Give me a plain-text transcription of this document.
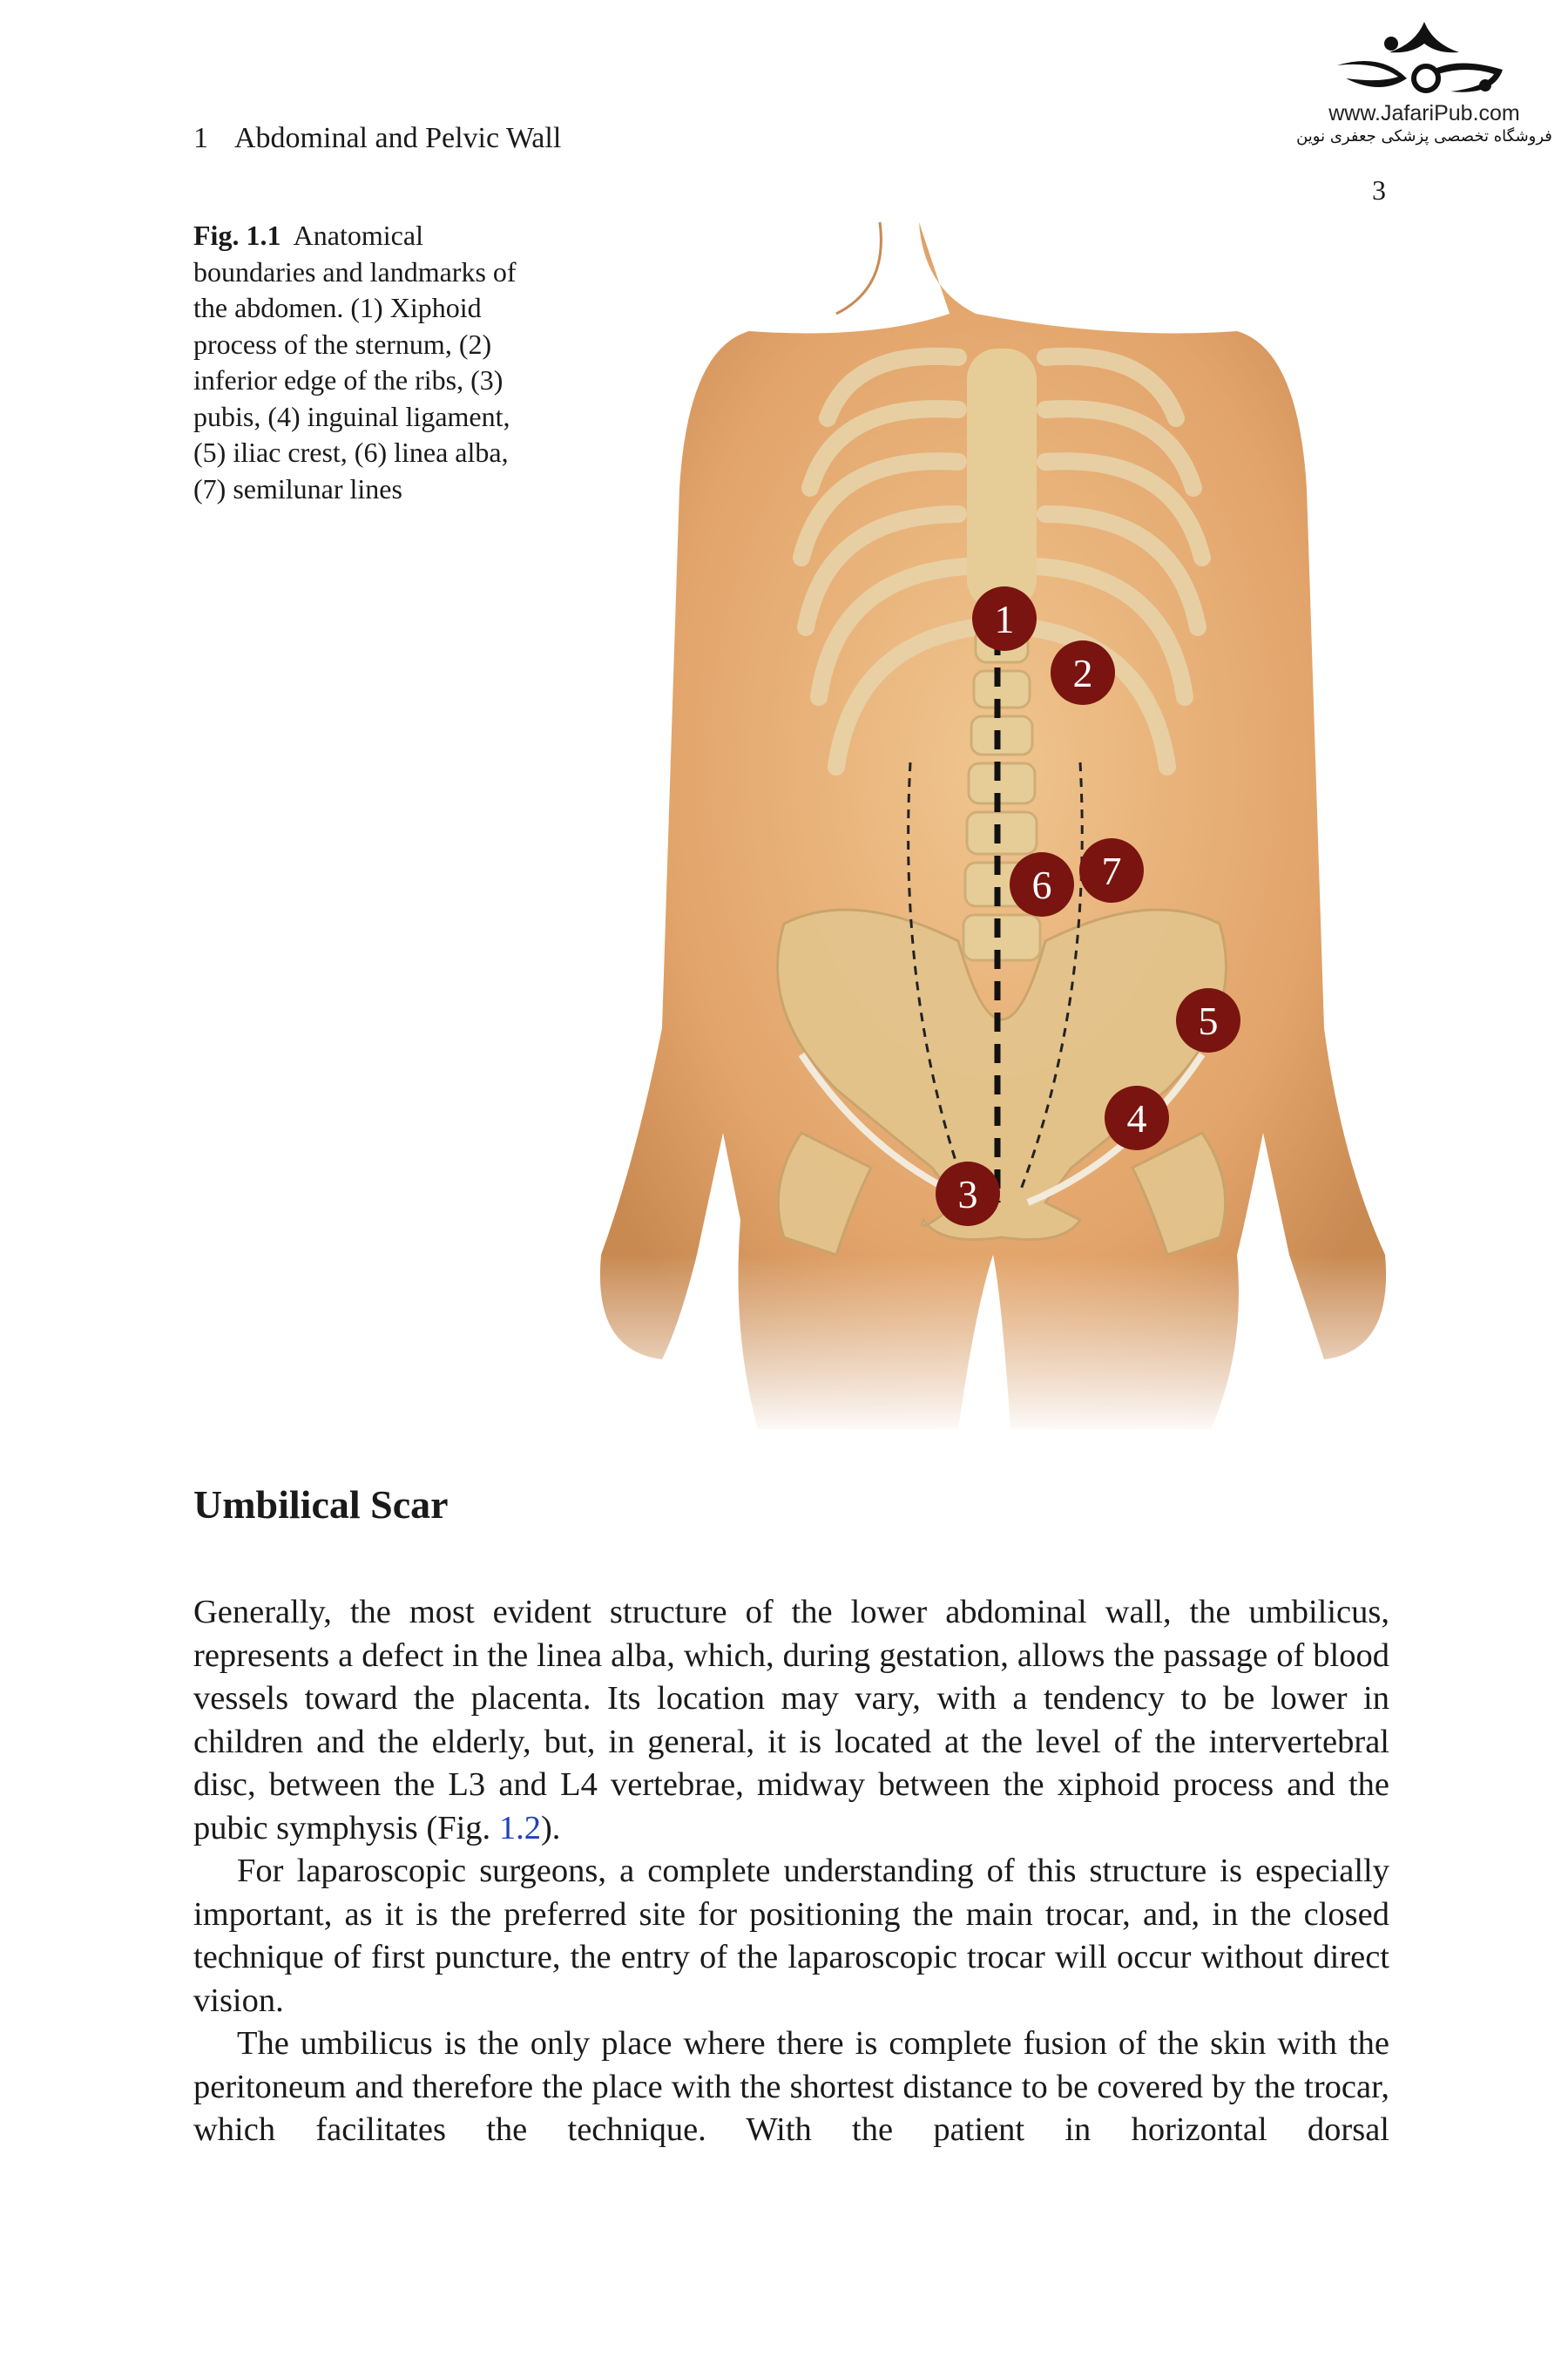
1 Abdominal and Pelvic Wall
www.JafariPub.com
فروشگاه تخصصی پزشکی جعفری نوین
3
Fig. 1.1 Anatomical boundaries and landmarks of the abdomen. (1) Xiphoid process of the sternum, (2) inferior edge of the ribs, (3) pubis, (4) inguinal ligament, (5) iliac crest, (6) linea alba, (7) semilunar lines
1
2
3
4
5
6 7
Umbilical Scar

Generally, the most evident structure of the lower abdominal wall, the umbilicus, represents a defect in the linea alba, which, during gestation, allows the passage of blood vessels toward the placenta. Its location may vary, with a tendency to be lower in children and the elderly, but, in general, it is located at the level of the intervertebral disc, between the L3 and L4 vertebrae, midway between the xiphoid process and the pubic symphysis (Fig. 1.2).

For laparoscopic surgeons, a complete understanding of this structure is especially important, as it is the preferred site for positioning the main trocar, and, in the closed technique of first puncture, the entry of the laparoscopic trocar will occur without direct vision.

The umbilicus is the only place where there is complete fusion of the skin with the peritoneum and therefore the place with the shortest distance to be covered by the trocar, which facilitates the technique. With the patient in horizontal dorsal
